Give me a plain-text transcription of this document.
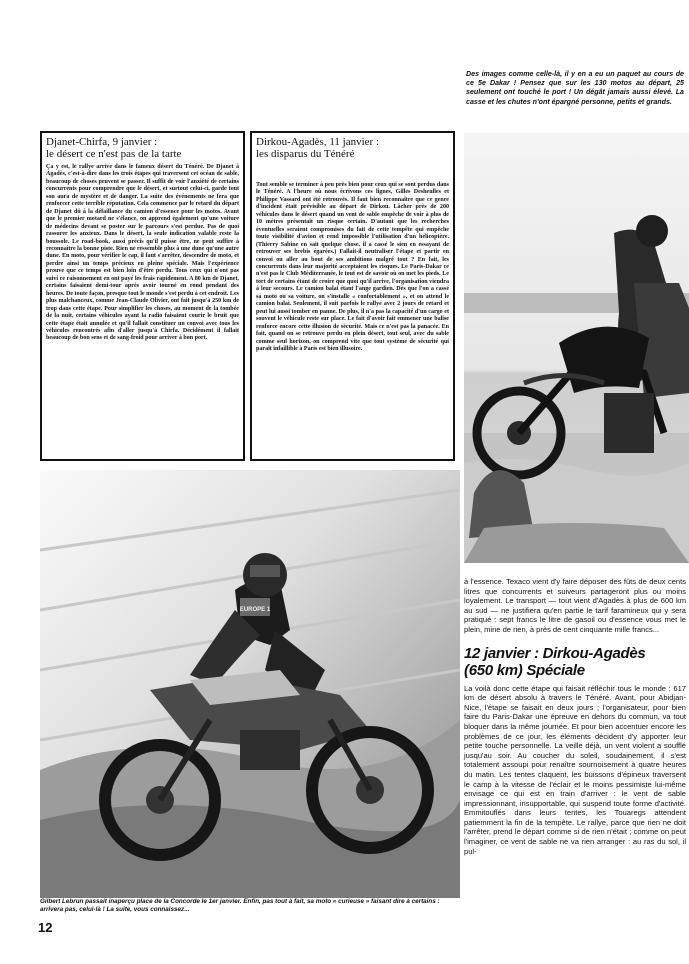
Des images comme celle-là, il y en a eu un paquet au cours de ce 5e Dakar ! Pensez que sur les 130 motos au départ, 25 seulement ont touché le port ! Un dégât jamais aussi élevé. La casse et les chutes n'ont épargné personne, petits et grands.
Djanet-Chirfa, 9 janvier :
le désert ce n'est pas de la tarte
Ça y est, le rallye arrive dans le fameux désert du Ténéré. De Djanet à Agadès, c'est-à-dire dans les trois étapes qui traversent cet océan de sable, beaucoup de choses peuvent se passer. Il suffit de voir l'anxiété de certains concurrents pour comprendre que le désert, et surtout celui-ci, garde tout son aura de mystère et de danger. La suite des événements ne fera que renforcer cette terrible réputation. Cela commence par le retard du départ de Djanet dû à la défaillance du camion d'essence pour les motos. Avant que le premier motard ne s'élance, on apprend également qu'une voiture de médecins devant se poster sur le parcours s'est perdue. Pas de quoi rassurer les anxieux. Dans le désert, la seule indication valable reste la boussole. Le road-book, aussi précis qu'il puisse être, ne peut suffire à reconnaître la bonne piste. Rien ne ressemble plus à une dune qu'une autre dune. En moto, pour vérifier le cap, il faut s'arrêter, descendre de moto, et perdre ainsi un temps précieux en pleine spéciale. Mais l'expérience prouve que ce temps est bien loin d'être perdu. Tous ceux qui n'ont pas suivi ce raisonnement en ont payé les frais rapidement. A 80 km de Djanet, certains faisaient demi-tour après avoir tourné en rond pendant des heures. De toute façon, presque tout le monde s'est perdu à cet endroit. Les plus malchanceux, comme Jean-Claude Olivier, ont fait jusqu'à 250 km de trop dans cette étape. Pour simplifier les choses, au moment de la tombée de la nuit, certains véhicules ayant la radio faisaient courir le bruit que cette étape était annulée et qu'il fallait constituer un convoi avec tous les véhicules rencontrés afin d'aller jusqu'à Chirfa. Décidément il fallait beaucoup de bon sens et de sang-froid pour arriver à bon port.
Dirkou-Agadès, 11 janvier :
les disparus du Ténéré
Tout semble se terminer à peu près bien pour ceux qui se sont perdus dans le Ténéré. A l'heure où nous écrivons ces lignes, Gilles Desheulles et Philippe Vassard ont été retrouvés. Il faut bien reconnaître que ce genre d'incident était prévisible au départ de Dirkou. Lâcher près de 200 véhicules dans le désert quand un vent de sable empêche de voir à plus de 10 mètres présentait un risque certain. D'autant que les recherches éventuelles seraient compromises du fait de cette tempête qui empêche toute visibilité d'avion et rend impossible l'utilisation d'un hélicoptère. (Thierry Sabine en sait quelque chose, il a cassé le sien en essayant de retrouver ses brebis égarées.) Fallait-il neutraliser l'étape et partir en convoi ou aller au bout de ses ambitions malgré tout ? En fait, les concurrents dans leur majorité acceptaient les risques. Le Paris-Dakar ce n'est pas le Club Méditerranée, le tout est de savoir où on met les pieds. Le tort de certains étant de croire que quoi qu'il arrive, l'organisation viendra à leur secours. Le camion balai étant l'ange gardien. Dès que l'on a cassé sa moto ou sa voiture, on s'installe « confortablement », et on attend le camion balai. Seulement, il suit parfois le rallye avec 2 jours de retard et peut lui aussi tomber en panne. De plus, il n'a pas la capacité d'un cargo et souvent le véhicule reste sur place. Le fait d'avoir fait emmener une balise renforce encore cette illusion de sécurité. Mais ce n'est pas la panacée. En fait, quand on se retrouve perdu en plein désert, tout seul, avec du sable comme seul horizon, on comprend vite que tout système de sécurité qui paraît infaillible à Paris est bien illusoire.
EUROPE 1
Gilbert Lebrun passait inaperçu place de la Concorde le 1er janvier. Enfin, pas tout à fait, sa moto « curieuse » faisant dire à certains : arrivera pas, celui-là ! La suite, vous connaissez...
12
à l'essence. Texaco vient d'y faire déposer des fûts de deux cents litres que concurrents et suiveurs partageront plus ou moins loyalement. Le transport — tout vient d'Agadès à plus de 600 km au sud — ne justifiera qu'en partie le tarif faramineux qui y sera pratiqué : sept francs le litre de gasoil ou d'essence vous met le plein, mine de rien, à près de cent cinquante mille francs...
12 janvier : Dirkou-Agadès
(650 km) Spéciale
La voilà donc cette étape qui faisait réfléchir tous le monde : 617 km de désert absolu à travers le Ténéré. Avant, pour Abidjan-Nice, l'étape se faisait en deux jours ; l'organisateur, pour bien faire du Paris-Dakar une épreuve en dehors du commun, va tout bloquer dans la même journée. Et pour bien accentuer encore les problèmes de ce jour, les éléments décident d'y apporter leur petite touche personnelle. La veille déjà, un vent violent a soufflé jusqu'au soir. Au coucher du soleil, soudainement, il s'est totalement assoupi pour renaître sournoisement à quatre heures du matin. Les tentes claquent, les buissons d'épineux traversent le camp à la vitesse de l'éclair et le moins pessimiste lui-même envisage ce qui est en train d'arriver : le vent de sable impressionnant, insupportable, qui suspend toute forme d'activité. Emmitouflés dans leurs tentes, les Touaregs attendent patiemment la fin de la tempête. Le rallye, parce que rien ne doit l'arrêter, prend le départ comme si de rien n'était ; comme on peut l'imaginer, ce vent de sable ne va rien arranger : au ras du sol, il pul-
